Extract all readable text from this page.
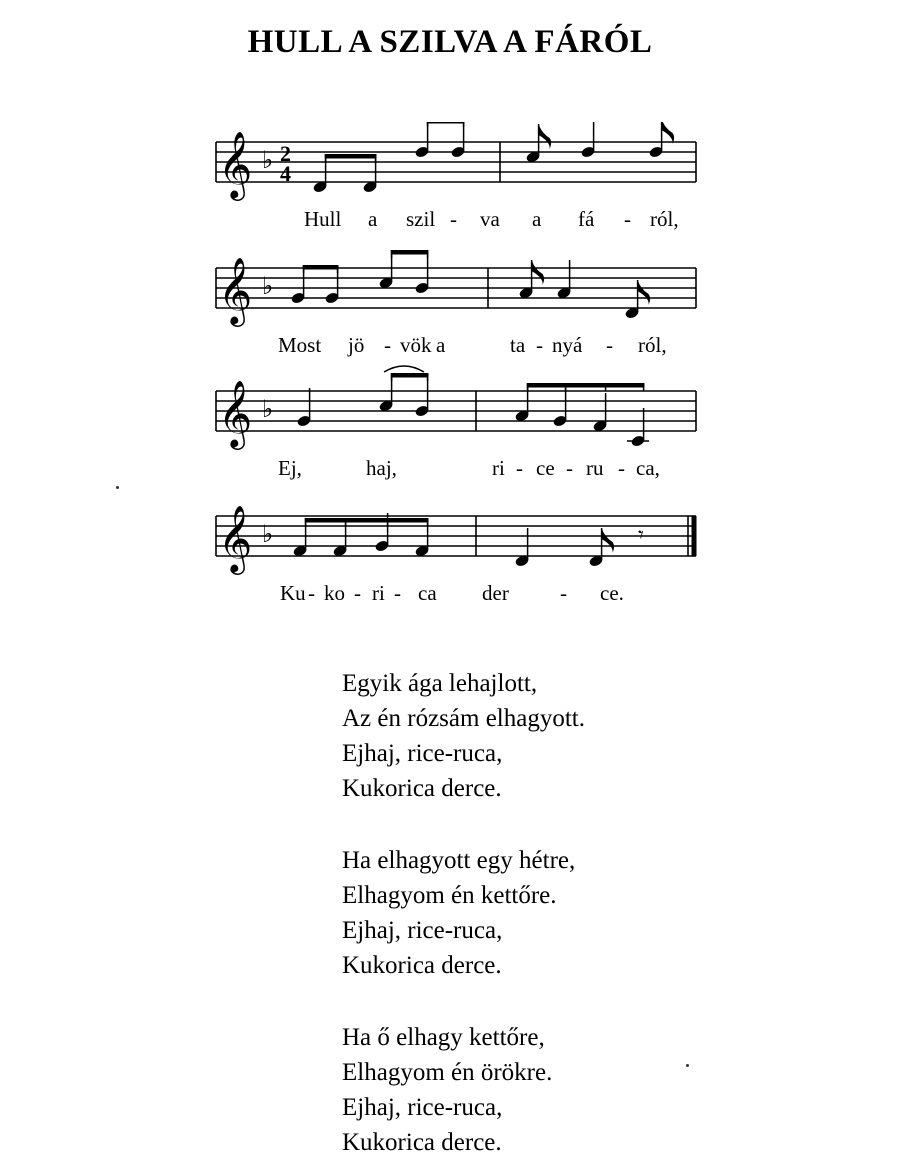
HULL A SZILVA A FÁRÓL
𝄞 ♭ 2
4
Hull a szil - va a fá - ról,
𝄞 ♭
Most jö - vök a	ta - nyá - ról,
𝄞 ♭
Ej,	haj,	ri - ce - ru - ca,
𝄞 ♭	𝄾
Ku - ko - ri - ca der - ce.
Egyik ága lehajlott,
Az én rózsám elhagyott.
Ejhaj, rice-ruca,
Kukorica derce.
Ha elhagyott egy hétre,
Elhagyom én kettőre.
Ejhaj, rice-ruca,
Kukorica derce.
Ha ő elhagy kettőre,
Elhagyom én örökre.
Ejhaj, rice-ruca,
Kukorica derce.
